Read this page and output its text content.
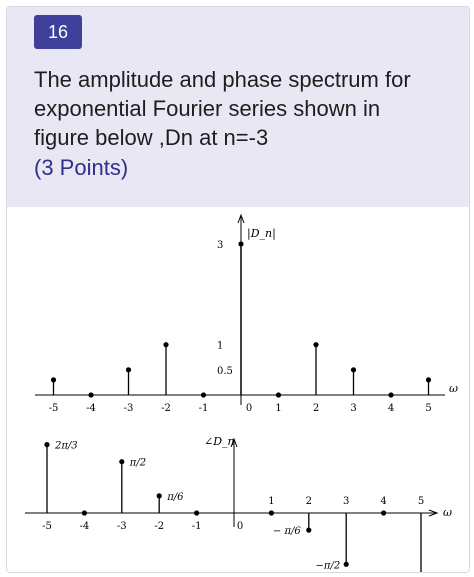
16
The amplitude and phase spectrum for
exponential Fourier series shown in
figure below ,Dn at n=-3
(3 Points)
|D_n|
ω
3
1
0.5
-5	-4	-3	-2	-1	0 1	2	3	4	5
∠D_n
ω
-5	-4	-3	-2	-1	0
1	2	3	4	5
2π/3
π/2
π/6
− π/6
−π/2
